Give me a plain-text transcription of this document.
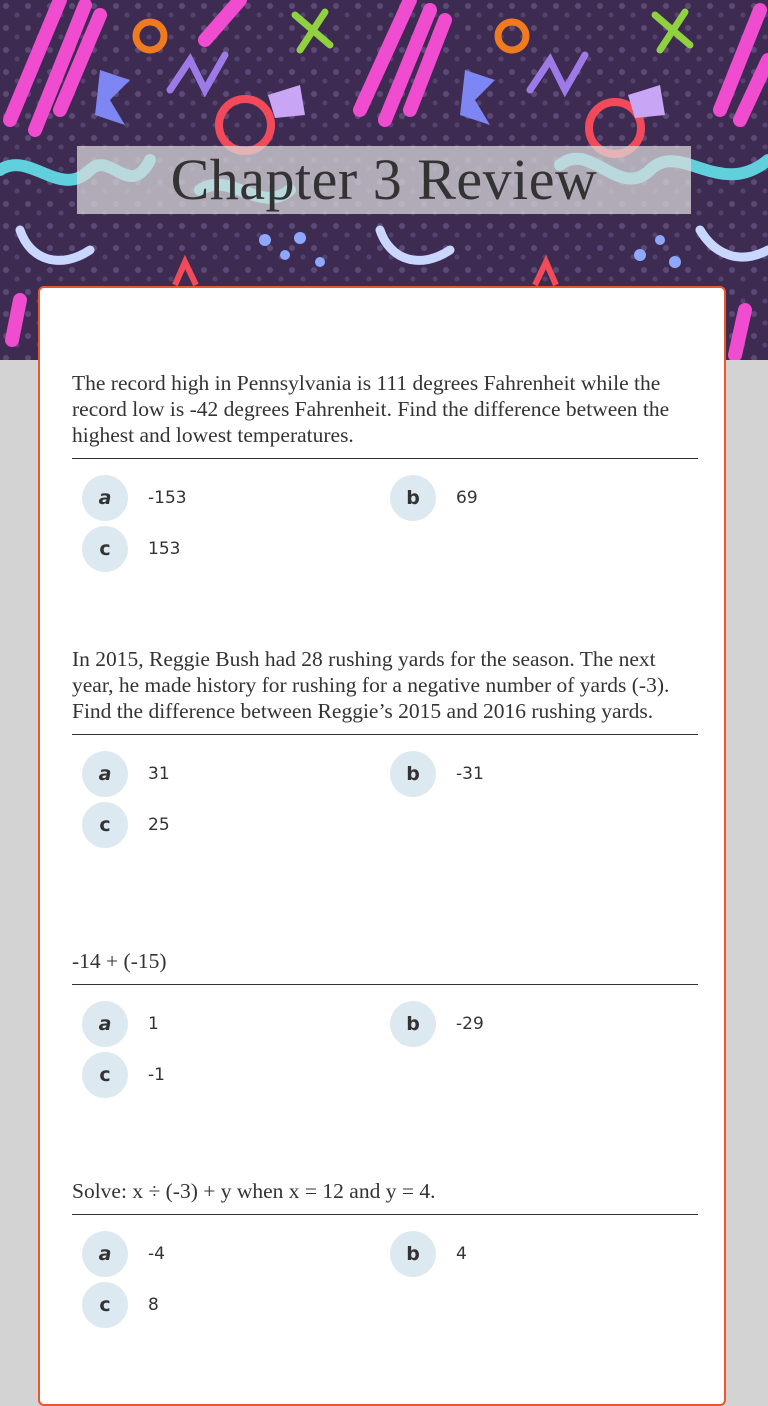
Chapter 3 Review
The record high in Pennsylvania is 111 degrees Fahrenheit while the record low is -42 degrees Fahrenheit. Find the difference between the highest and lowest temperatures.
a	-153	b	69
c	153
In 2015, Reggie Bush had 28 rushing yards for the season. The next year, he made history for rushing for a negative number of yards (-3). Find the difference between Reggie’s 2015 and 2016 rushing yards.
a	31	b	-31
c	25
-14 + (-15)
a	1	b	-29
c	-1
Solve: x ÷ (-3) + y when x = 12 and y = 4.
a	-4	b	4
c	8
